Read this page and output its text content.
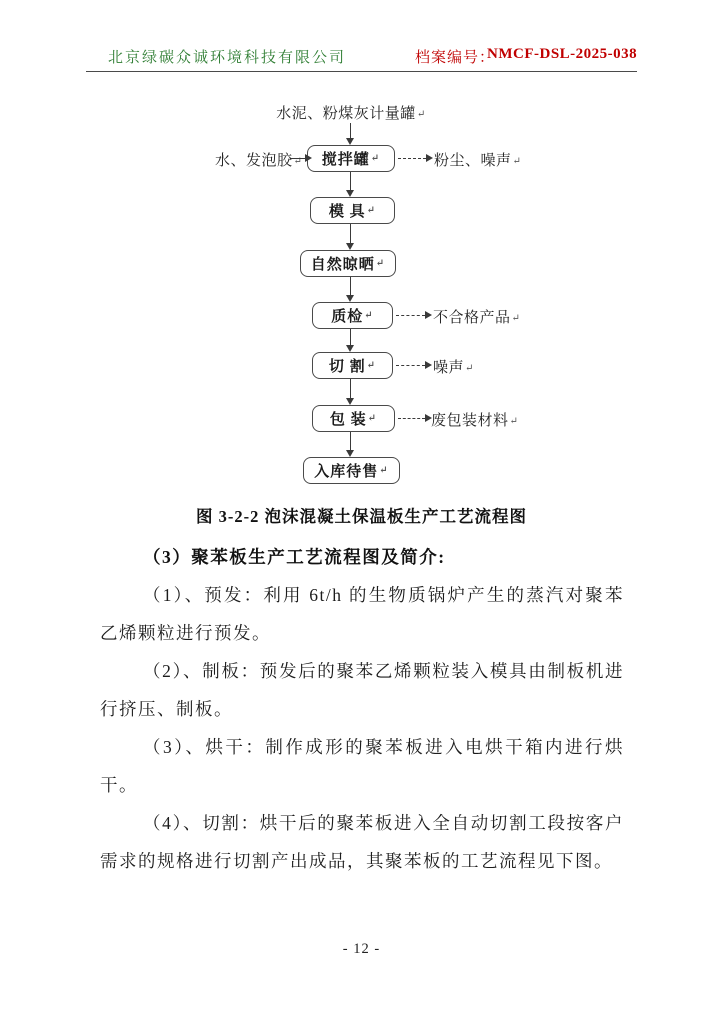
北京绿碳众诚环境科技有限公司	档案编号：
NMCF-DSL-2025-038
水泥、粉煤灰计量罐↵
搅拌罐 ↵
水、发泡胶↵	粉尘、噪声↵
模 具 ↵
自然晾晒 ↵
质检 ↵	不合格产品↵
切 割 ↵	噪声↵
包 装 ↵	废包装材料↵
入库待售 ↵
图 3-2-2 泡沫混凝土保温板生产工艺流程图

（3）聚苯板生产工艺流程图及简介:

（1）、预发：利用 6t/h 的生物质锅炉产生的蒸汽对聚苯乙烯颗粒进行预发。

（2）、制板：预发后的聚苯乙烯颗粒装入模具由制板机进行挤压、制板。

（3）、烘干：制作成形的聚苯板进入电烘干箱内进行烘干。

（4）、切割：烘干后的聚苯板进入全自动切割工段按客户需求的规格进行切割产出成品，其聚苯板的工艺流程见下图。

- 12 -
